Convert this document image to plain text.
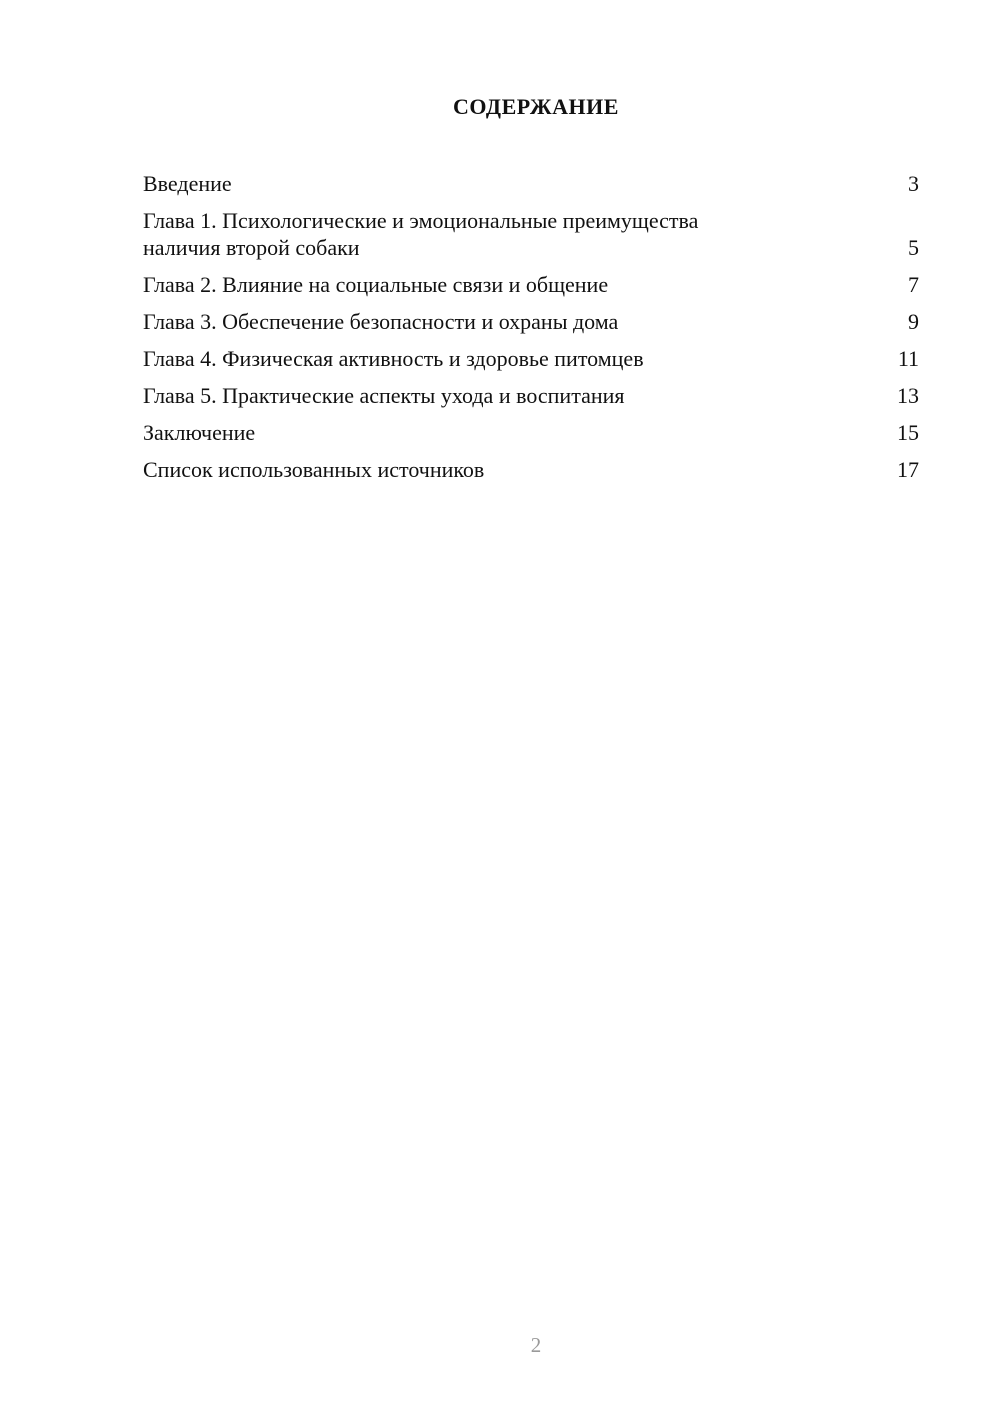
СОДЕРЖАНИЕ
Введение	3
Глава 1. Психологические и эмоциональные преимущества
наличия второй собаки	5
Глава 2. Влияние на социальные связи и общение	7
Глава 3. Обеспечение безопасности и охраны дома	9
Глава 4. Физическая активность и здоровье питомцев	11
Глава 5. Практические аспекты ухода и воспитания	13
Заключение	15
Список использованных источников	17
2
